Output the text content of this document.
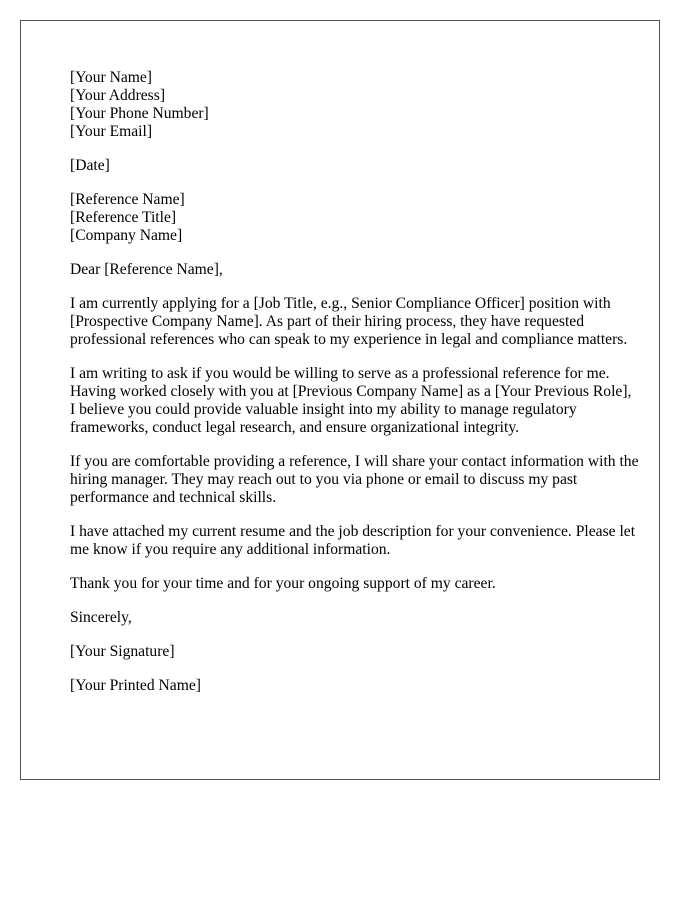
[Your Name]
[Your Address]
[Your Phone Number]
[Your Email]
[Date]
[Reference Name]
[Reference Title]
[Company Name]
Dear [Reference Name],
I am currently applying for a [Job Title, e.g., Senior Compliance Officer] position with
[Prospective Company Name]. As part of their hiring process, they have requested
professional references who can speak to my experience in legal and compliance matters.
I am writing to ask if you would be willing to serve as a professional reference for me.
Having worked closely with you at [Previous Company Name] as a [Your Previous Role],
I believe you could provide valuable insight into my ability to manage regulatory
frameworks, conduct legal research, and ensure organizational integrity.
If you are comfortable providing a reference, I will share your contact information with the
hiring manager. They may reach out to you via phone or email to discuss my past
performance and technical skills.
I have attached my current resume and the job description for your convenience. Please let
me know if you require any additional information.
Thank you for your time and for your ongoing support of my career.
Sincerely,
[Your Signature]
[Your Printed Name]
